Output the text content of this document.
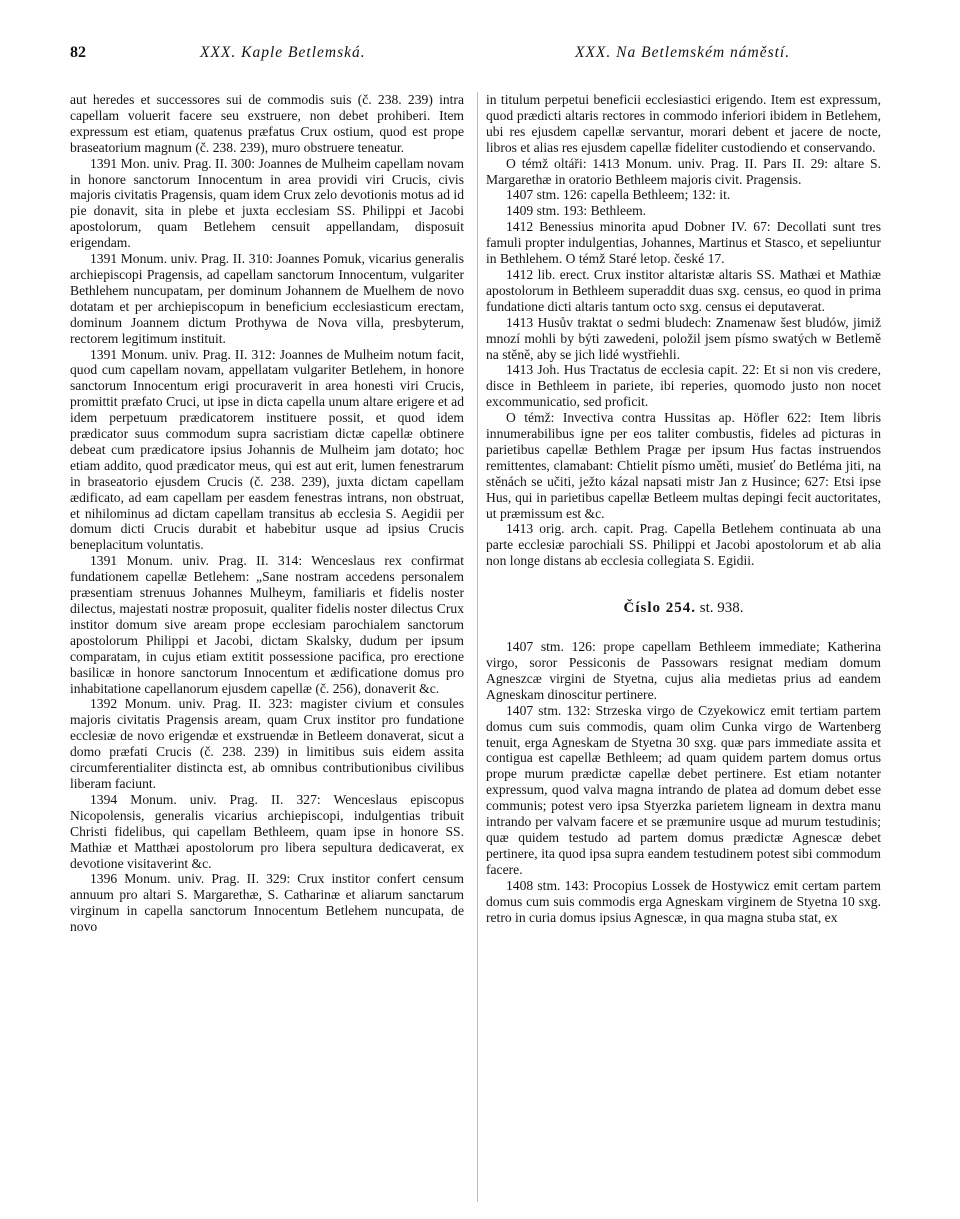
82	XXX. Kaple Betlemská.	XXX. Na Betlemském náměstí.

aut heredes et successores sui de commodis suis (č. 238. 239) intra capellam voluerit facere seu exstruere, non debet prohiberi. Item expressum est etiam, quatenus præfatus Crux ostium, quod est prope braseatorium magnum (č. 238. 239), muro obstruere teneatur.

1391 Mon. univ. Prag. II. 300: Joannes de Mulheim capellam novam in honore sanctorum Innocentum in area providi viri Crucis, civis majoris civitatis Pragensis, quam idem Crux zelo devotionis motus ad id pie donavit, sita in plebe et juxta ecclesiam SS. Philippi et Jacobi apostolorum, quam Betlehem censuit appellandam, disposuit erigendam.

1391 Monum. univ. Prag. II. 310: Joannes Pomuk, vicarius generalis archiepiscopi Pragensis, ad capellam sanctorum Innocentum, vulgariter Bethlehem nuncupatam, per dominum Johannem de Muelhem de novo dotatam et per archiepiscopum in beneficium ecclesiasticum erectam, dominum Joannem dictum Prothywa de Nova villa, presbyterum, rectorem legitimum instituit.

1391 Monum. univ. Prag. II. 312: Joannes de Mulheim notum facit, quod cum capellam novam, appellatam vulgariter Betlehem, in honore sanctorum Innocentum erigi procuraverit in area honesti viri Crucis, promittit præfato Cruci, ut ipse in dicta capella unum altare erigere et ad idem perpetuum prædicatorem instituere possit, et quod idem prædicator suus commodum supra sacristiam dictæ capellæ obtinere debeat cum prædicatore ipsius Johannis de Mulheim jam dotato; hoc etiam addito, quod prædicator meus, qui est aut erit, lumen fenestrarum in braseatorio ejusdem Crucis (č. 238. 239), juxta dictam capellam ædificato, ad eam capellam per easdem fenestras intrans, non obstruat, et nihilominus ad dictam capellam transitus ab ecclesia S. Aegidii per domum dicti Crucis durabit et habebitur usque ad ipsius Crucis beneplacitum voluntatis.

1391 Monum. univ. Prag. II. 314: Wenceslaus rex confirmat fundationem capellæ Betlehem: „Sane nostram accedens personalem præsentiam strenuus Johannes Mulheym, familiaris et fidelis noster dilectus, majestati nostræ proposuit, qualiter fidelis noster dilectus Crux institor domum sive aream prope ecclesiam parochialem sanctorum apostolorum Philippi et Jacobi, dictam Skalsky, dudum per ipsum comparatam, in cujus etiam extitit possessione pacifica, pro erectione basilicæ in honore sanctorum Innocentum et ædificatione domus pro inhabitatione capellanorum ejusdem capellæ (č. 256), donaverit &c.

1392 Monum. univ. Prag. II. 323: magister civium et consules majoris civitatis Pragensis aream, quam Crux institor pro fundatione ecclesiæ de novo erigendæ et exstruendæ in Betleem donaverat, sicut a domo præfati Crucis (č. 238. 239) in limitibus suis eidem assita circumferentialiter distincta est, ab omnibus contributionibus civilibus liberam faciunt.

1394 Monum. univ. Prag. II. 327: Wenceslaus episcopus Nicopolensis, generalis vicarius archiepiscopi, indulgentias tribuit Christi fidelibus, qui capellam Bethleem, quam ipse in honore SS. Mathiæ et Matthæi apostolorum pro libera sepultura dedicaverat, ex devotione visitaverint &c.

1396 Monum. univ. Prag. II. 329: Crux institor confert censum annuum pro altari S. Margarethæ, S. Catharinæ et aliarum sanctarum virginum in capella sanctorum Innocentum Betlehem nuncupata, de novo

in titulum perpetui beneficii ecclesiastici erigendo. Item est expressum, quod prædicti altaris rectores in commodo inferiori ibidem in Betlehem, ubi res ejusdem capellæ servantur, morari debent et jacere de nocte, libros et alias res ejusdem capellæ fideliter custodiendo et conservando.

O témž oltáři: 1413 Monum. univ. Prag. II. Pars II. 29: altare S. Margarethæ in oratorio Bethleem majoris civit. Pragensis.

1407 stm. 126: capella Bethleem; 132: it.

1409 stm. 193: Bethleem.

1412 Benessius minorita apud Dobner IV. 67: Decollati sunt tres famuli propter indulgentias, Johannes, Martinus et Stasco, et sepeliuntur in Bethlehem. O témž Staré letop. české 17.

1412 lib. erect. Crux institor altaristæ altaris SS. Mathæi et Mathiæ apostolorum in Bethleem superaddit duas sxg. census, eo quod in prima fundatione dicti altaris tantum octo sxg. census ei deputaverat.

1413 Husův traktat o sedmi bludech: Znamenaw šest bludów, jimiž mnozí mohli by býti zawedeni, položil jsem písmo swatých w Betlemě na stěně, aby se jich lidé wystřiehli.

1413 Joh. Hus Tractatus de ecclesia capit. 22: Et si non vis credere, disce in Bethleem in pariete, ibi reperies, quomodo justo non nocet excommunicatio, sed proficit.

O témž: Invectiva contra Hussitas ap. Höfler 622: Item libris innumerabilibus igne per eos taliter combustis, fideles ad picturas in parietibus capellæ Bethlem Pragæ per ipsum Hus factas instruendos remittentes, clamabant: Chtielit písmo uměti, musieť do Betléma jiti, na stěnách se učiti, ježto kázal napsati mistr Jan z Husince; 627: Etsi ipse Hus, qui in parietibus capellæ Betleem multas depingi fecit auctoritates, ut præmissum est &c.

1413 orig. arch. capit. Prag. Capella Betlehem continuata ab una parte ecclesiæ parochiali SS. Philippi et Jacobi apostolorum et ab alia non longe distans ab ecclesia collegiata S. Egidii.

Číslo 254. st. 938.

1407 stm. 126: prope capellam Bethleem immediate; Katherina virgo, soror Pessiconis de Passowars resignat mediam domum Agneszcæ virgini de Styetna, cujus alia medietas prius ad eandem Agneskam dinoscitur pertinere.

1407 stm. 132: Strzeska virgo de Czyekowicz emit tertiam partem domus cum suis commodis, quam olim Cunka virgo de Wartenberg tenuit, erga Agneskam de Styetna 30 sxg. quæ pars immediate assita et contigua est capellæ Bethleem; ad quam quidem partem domus ortus prope murum prædictæ capellæ debet pertinere. Est etiam notanter expressum, quod valva magna intrando de platea ad domum debet esse communis; potest vero ipsa Styerzka parietem ligneam in dextra manu intrando per valvam facere et se præmunire usque ad murum testudinis; quæ quidem testudo ad partem domus prædictæ Agnescæ debet pertinere, ita quod ipsa supra eandem testudinem potest sibi commodum facere.

1408 stm. 143: Procopius Lossek de Hostywicz emit certam partem domus cum suis commodis erga Agneskam virginem de Styetna 10 sxg. retro in curia domus ipsius Agnescæ, in qua magna stuba stat, ex
